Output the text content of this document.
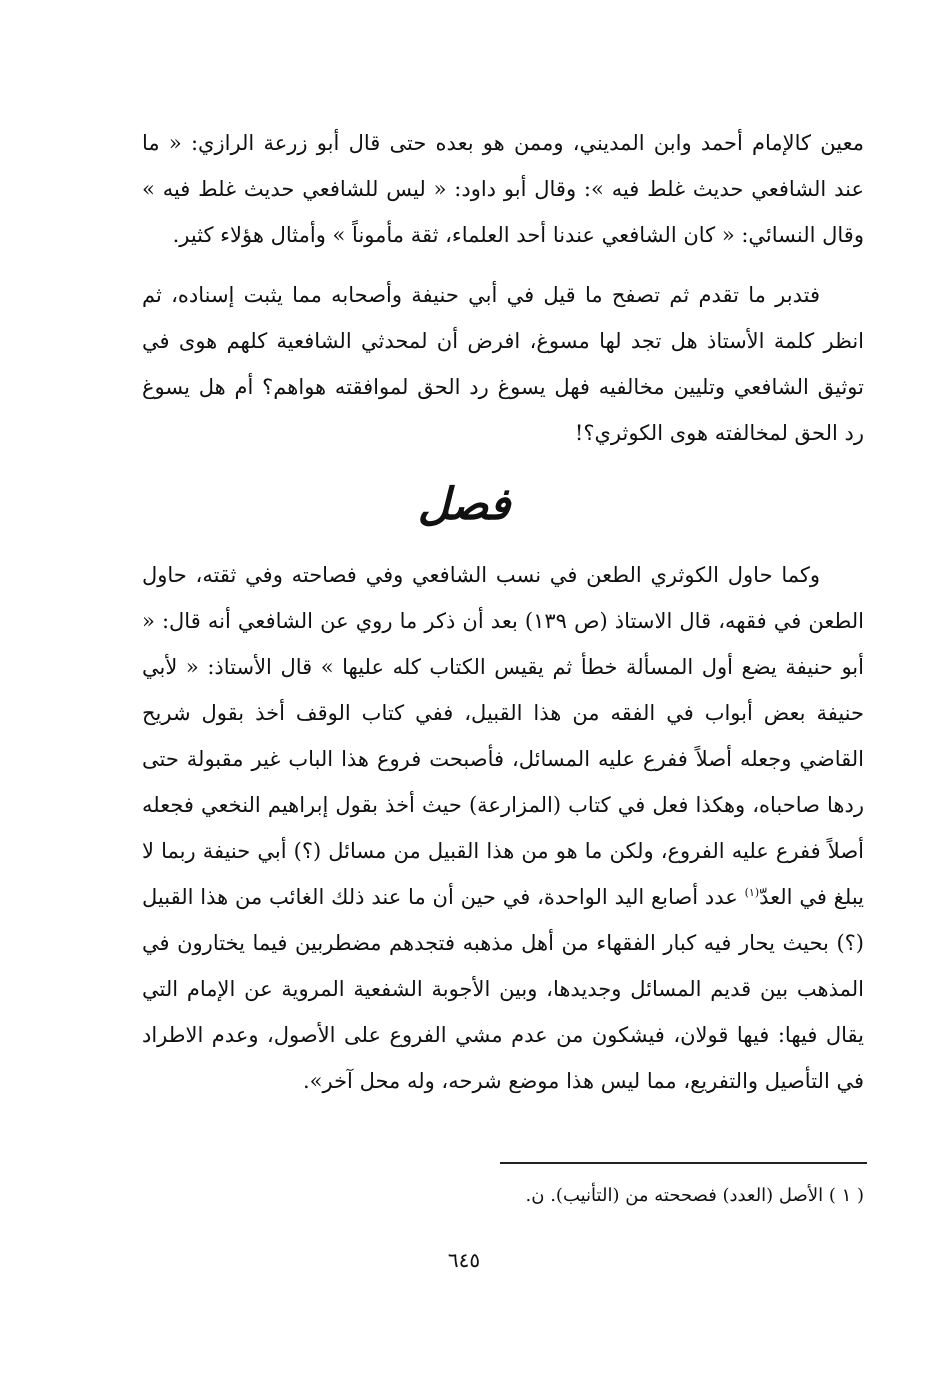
معين كالإمام أحمد وابن المديني، وممن هو بعده حتى قال أبو زرعة الرازي: « ما عند الشافعي حديث غلط فيه »: وقال أبو داود: « ليس للشافعي حديث غلط فيه » وقال النسائي: « كان الشافعي عندنا أحد العلماء، ثقة مأموناً » وأمثال هؤلاء كثير.

فتدبر ما تقدم ثم تصفح ما قيل في أبي حنيفة وأصحابه مما يثبت إسناده، ثم انظر كلمة الأستاذ هل تجد لها مسوغ، افرض أن لمحدثي الشافعية كلهم هوى في توثيق الشافعي وتليين مخالفيه فهل يسوغ رد الحق لموافقته هواهم؟ أم هل يسوغ رد الحق لمخالفته هوى الكوثري؟!

فصل

وكما حاول الكوثري الطعن في نسب الشافعي وفي فصاحته وفي ثقته، حاول الطعن في فقهه، قال الاستاذ (ص ١٣٩) بعد أن ذكر ما روي عن الشافعي أنه قال: « أبو حنيفة يضع أول المسألة خطأ ثم يقيس الكتاب كله عليها » قال الأستاذ: « لأبي حنيفة بعض أبواب في الفقه من هذا القبيل، ففي كتاب الوقف أخذ بقول شريح القاضي وجعله أصلاً ففرع عليه المسائل، فأصبحت فروع هذا الباب غير مقبولة حتى ردها صاحباه، وهكذا فعل في كتاب (المزارعة) حيث أخذ بقول إبراهيم النخعي فجعله أصلاً ففرع عليه الفروع، ولكن ما هو من هذا القبيل من مسائل (؟) أبي حنيفة ربما لا يبلغ في العدّ$^{(١)}$ عدد أصابع اليد الواحدة، في حين أن ما عند ذلك الغائب من هذا القبيل (؟) بحيث يحار فيه كبار الفقهاء من أهل مذهبه فتجدهم مضطربين فيما يختارون في المذهب بين قديم المسائل وجديدها، وبين الأجوبة الشفعية المروية عن الإمام التي يقال فيها: فيها قولان، فيشكون من عدم مشي الفروع على الأصول، وعدم الاطراد في التأصيل والتفريع، مما ليس هذا موضع شرحه، وله محل آخر».

( ١ ) الأصل (العدد) فصححته من (التأنيب). ن.
٦٤٥
